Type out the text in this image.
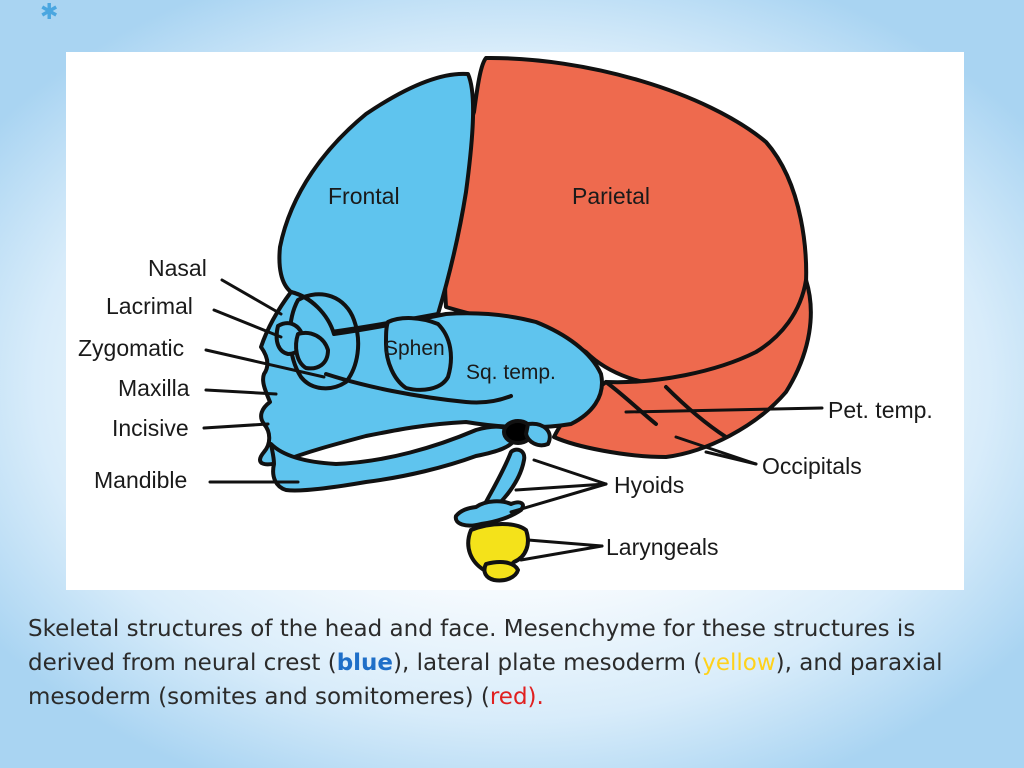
✱
Frontal	Parietal
Nasal
Lacrimal
Zygomatic
Maxilla
Incisive
Mandible
Sphen
Sq. temp.
Pet. temp.
Occipitals
Hyoids
Laryngeals
Skeletal structures of the head and face. Mesenchyme for these structures is derived from neural crest (blue), lateral plate mesoderm (yellow), and paraxial mesoderm (somites and somitomeres) (red).
